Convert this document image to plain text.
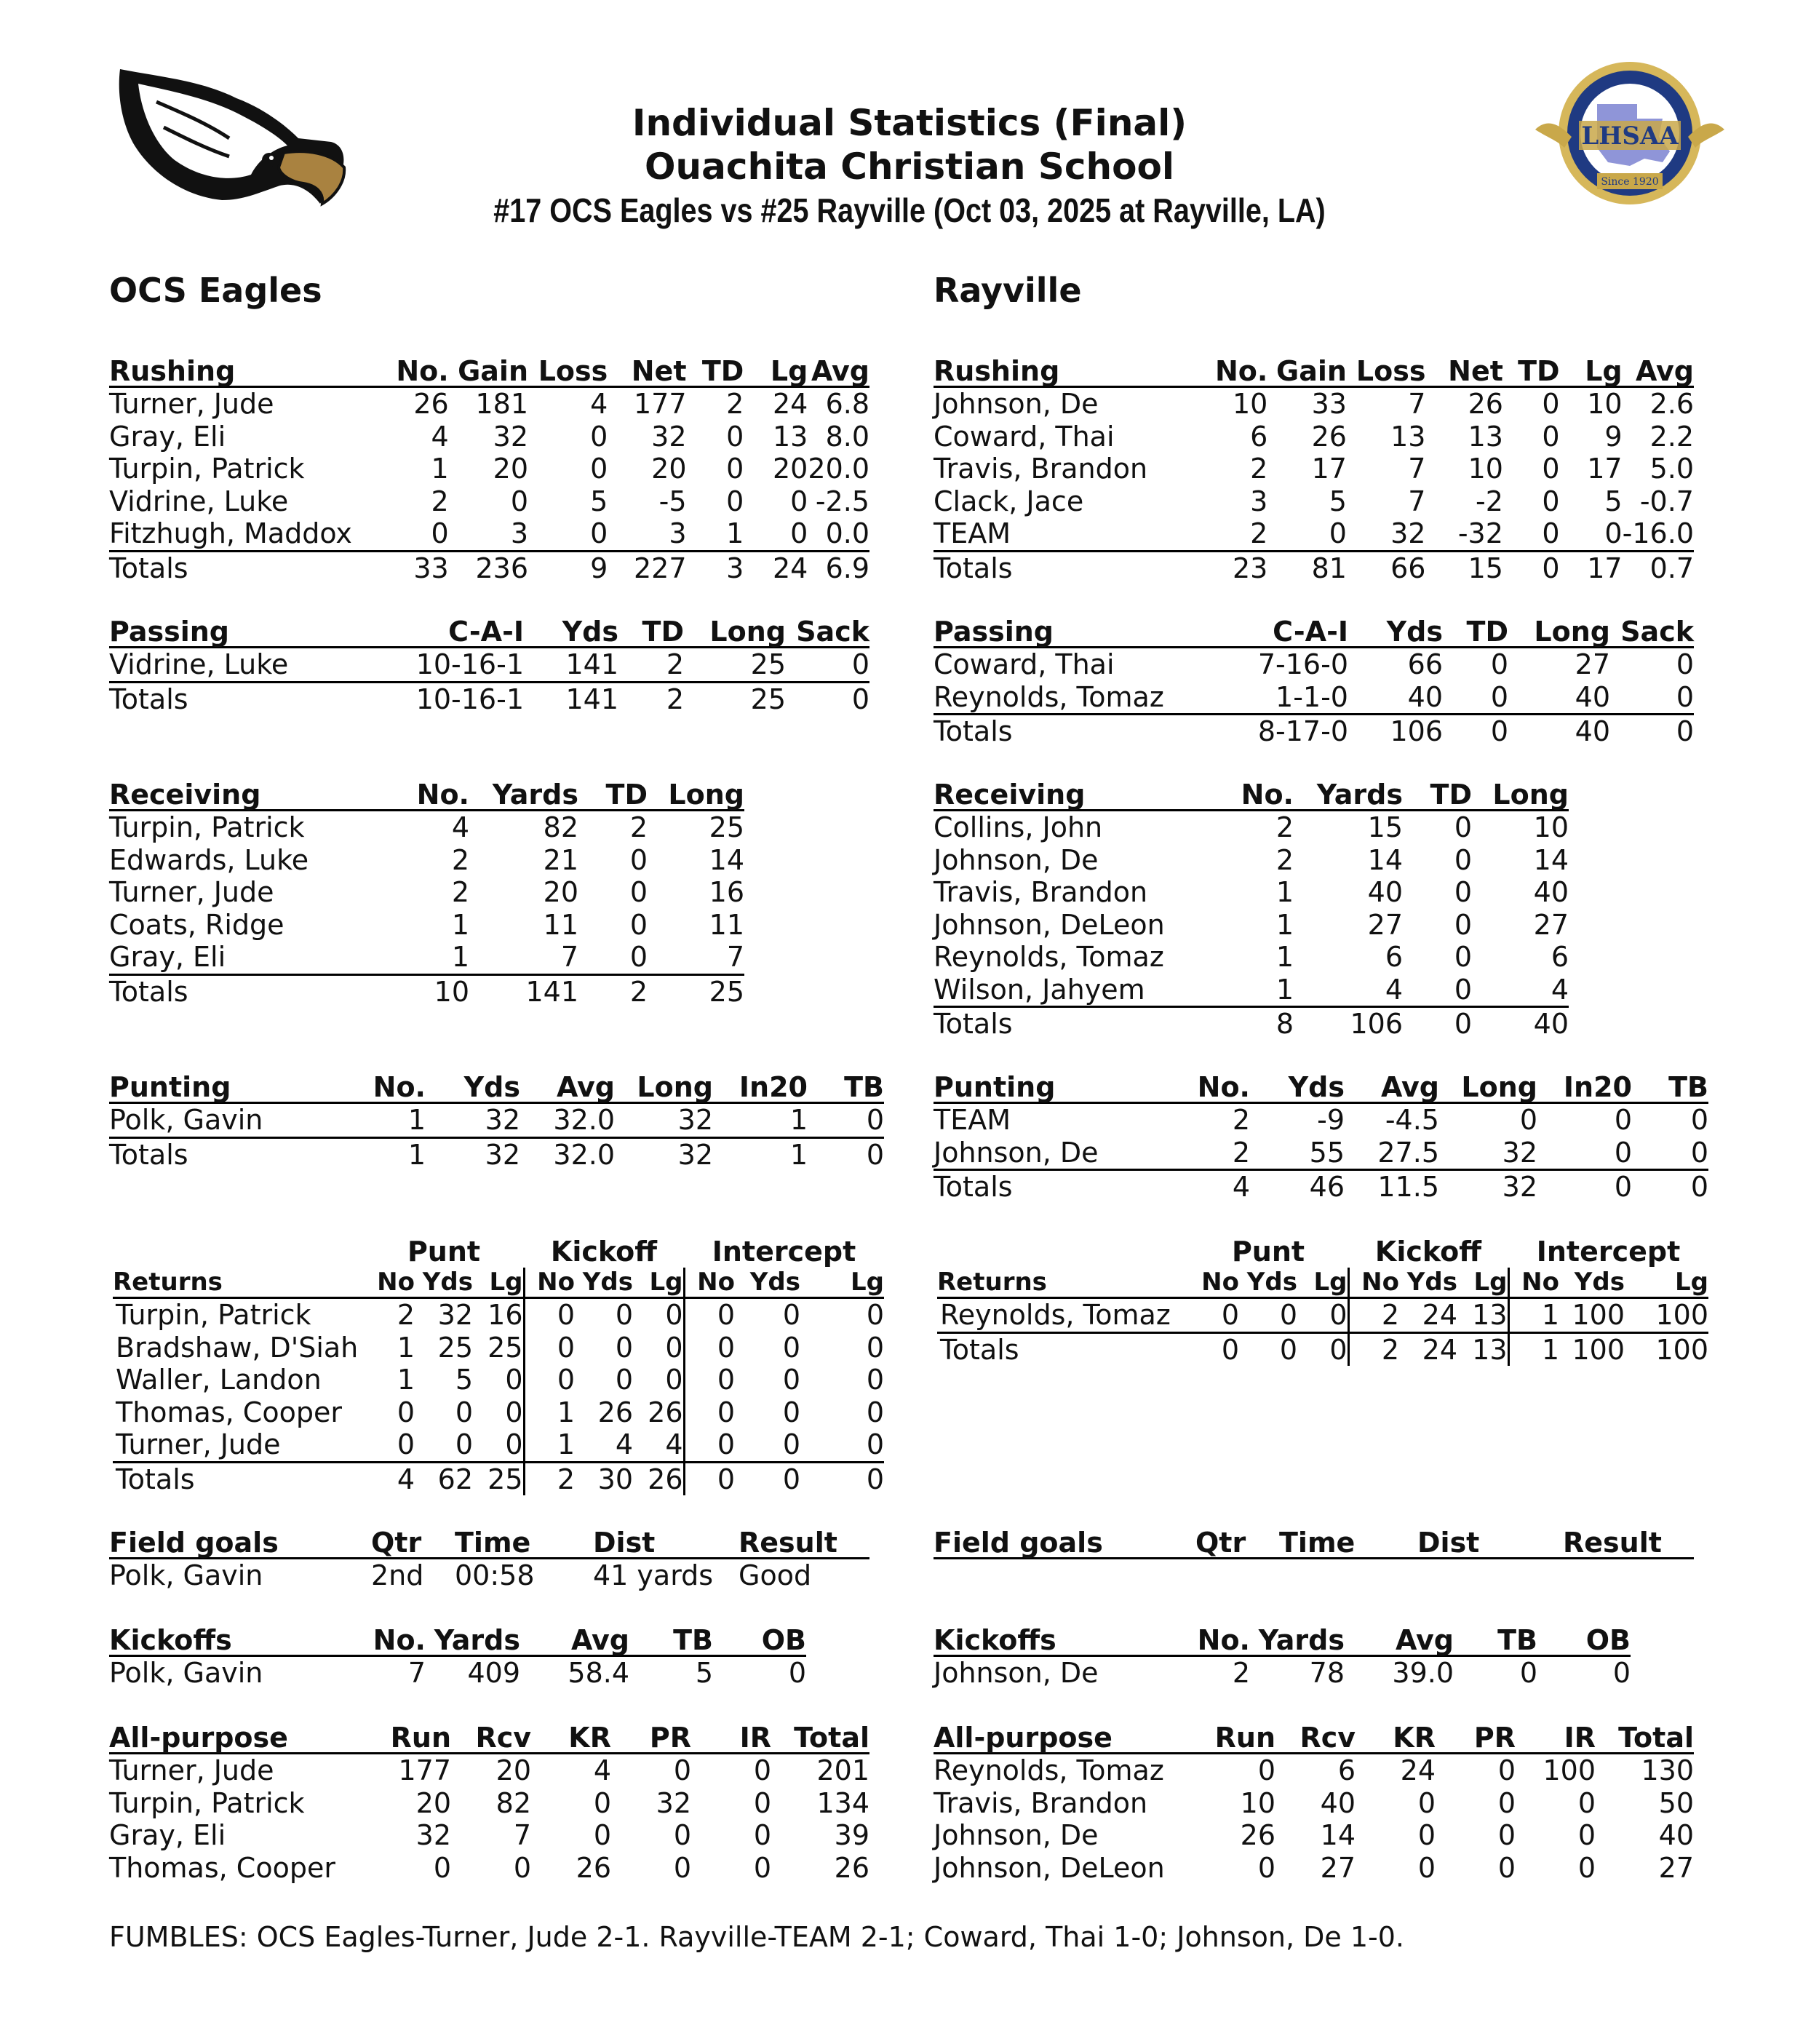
LHSAA
Since 1920
Individual Statistics (Final)
Ouachita Christian School
#17 OCS Eagles vs #25 Rayville (Oct 03, 2025 at Rayville, LA)
OCS Eagles	Rayville
Rushing	No.	Gain	Loss	Net	TD	Lg	Avg
Turner, Jude	26	181	4	177	2	24	6.8
Gray, Eli	4	32	0	32	0	13	8.0
Turpin, Patrick	1	20	0	20	0	20	20.0
Vidrine, Luke	2	0	5	-5	0	0	-2.5
Fitzhugh, Maddox	0	3	0	3	1	0	0.0
Totals	33	236	9	227	3	24	6.9
Rushing	No.	Gain	Loss	Net	TD	Lg	Avg
Johnson, De	10	33	7	26	0	10	2.6
Coward, Thai	6	26	13	13	0	9	2.2
Travis, Brandon	2	17	7	10	0	17	5.0
Clack, Jace	3	5	7	-2	0	5	-0.7
TEAM	2	0	32	-32	0	0	-16.0
Totals	23	81	66	15	0	17	0.7
Passing	C-A-I	Yds	TD	Long	Sack
Vidrine, Luke	10-16-1	141	2	25	0
Totals	10-16-1	141	2	25	0
Passing	C-A-I	Yds	TD	Long	Sack
Coward, Thai	7-16-0	66	0	27	0
Reynolds, Tomaz	1-1-0	40	0	40	0
Totals	8-17-0	106	0	40	0
Receiving	No.	Yards	TD	Long
Turpin, Patrick	4	82	2	25
Edwards, Luke	2	21	0	14
Turner, Jude	2	20	0	16
Coats, Ridge	1	11	0	11
Gray, Eli	1	7	0	7
Totals	10	141	2	25
Receiving	No.	Yards	TD	Long
Collins, John	2	15	0	10
Johnson, De	2	14	0	14
Travis, Brandon	1	40	0	40
Johnson, DeLeon	1	27	0	27
Reynolds, Tomaz	1	6	0	6
Wilson, Jahyem	1	4	0	4
Totals	8	106	0	40
Punting	No.	Yds	Avg	Long	In20	TB
Polk, Gavin	1	32	32.0	32	1	0
Totals	1	32	32.0	32	1	0
Punting	No.	Yds	Avg	Long	In20	TB
TEAM	2	-9	-4.5	0	0	0
Johnson, De	2	55	27.5	32	0	0
Totals	4	46	11.5	32	0	0
	Punt			Kickoff			Intercept		
Returns	No	Yds	Lg	No	Yds	Lg	No	Yds	Lg
Turpin, Patrick	2	32	16	0	0	0	0	0	0
Bradshaw, D'Siah	1	25	25	0	0	0	0	0	0
Waller, Landon	1	5	0	0	0	0	0	0	0
Thomas, Cooper	0	0	0	1	26	26	0	0	0
Turner, Jude	0	0	0	1	4	4	0	0	0
Totals	4	62	25	2	30	26	0	0	0
	Punt			Kickoff			Intercept		
Returns	No	Yds	Lg	No	Yds	Lg	No	Yds	Lg
Reynolds, Tomaz	0	0	0	2	24	13	1	100	100
Totals	0	0	0	2	24	13	1	100	100
Field goals	Qtr	Time	Dist	Result
Polk, Gavin	2nd	00:58	41 yards	Good
Field goals	Qtr	Time	Dist	Result
Kickoffs	No.	Yards	Avg	TB	OB
Polk, Gavin	7	409	58.4	5	0
Kickoffs	No.	Yards	Avg	TB	OB
Johnson, De	2	78	39.0	0	0
All-purpose	Run	Rcv	KR	PR	IR	Total
Turner, Jude	177	20	4	0	0	201
Turpin, Patrick	20	82	0	32	0	134
Gray, Eli	32	7	0	0	0	39
Thomas, Cooper	0	0	26	0	0	26
All-purpose	Run	Rcv	KR	PR	IR	Total
Reynolds, Tomaz	0	6	24	0	100	130
Travis, Brandon	10	40	0	0	0	50
Johnson, De	26	14	0	0	0	40
Johnson, DeLeon	0	27	0	0	0	27
FUMBLES: OCS Eagles-Turner, Jude 2-1. Rayville-TEAM 2-1; Coward, Thai 1-0; Johnson, De 1-0.
